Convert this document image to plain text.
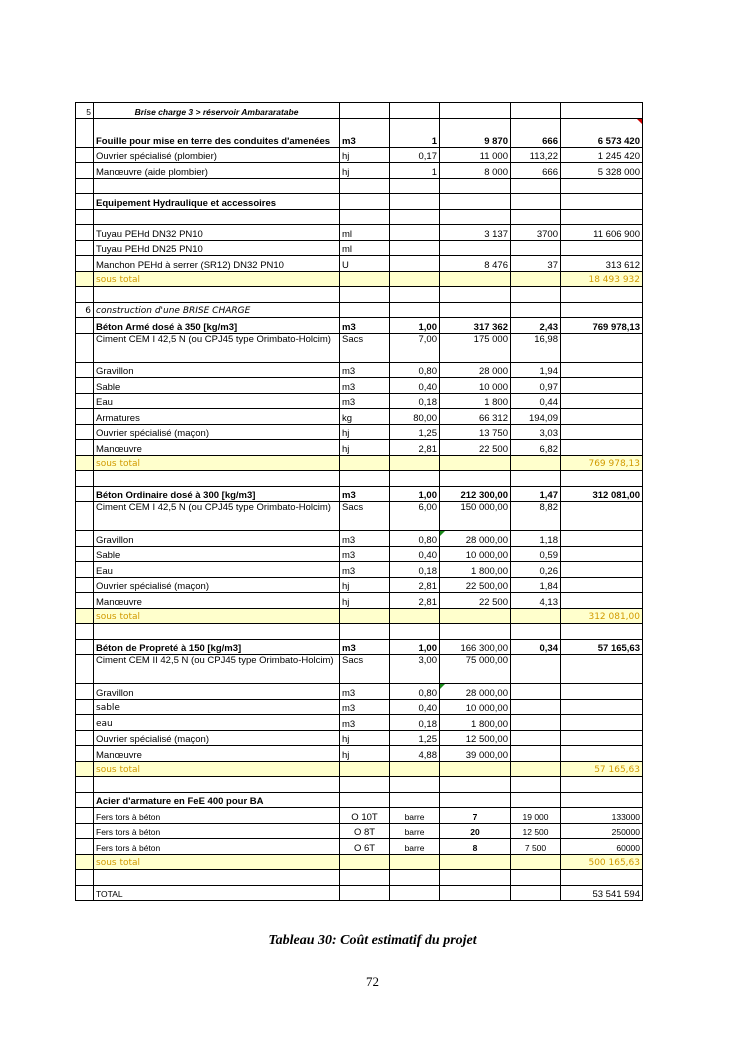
5	Brise charge 3 > réservoir Ambararatabe					
	Fouille pour mise en terre des conduites d'amenées	m3	1	9 870	666	6 573 420
	Ouvrier spécialisé (plombier)	hj	0,17	11 000	113,22	1 245 420
	Manœuvre (aide plombier)	hj	1	8 000	666	5 328 000

	Equipement Hydraulique et accessoires					

	Tuyau PEHd DN32 PN10	ml		3 137	3700	11 606 900
	Tuyau PEHd DN25 PN10	ml				
	Manchon PEHd à serrer (SR12) DN32 PN10	U		8 476	37	313 612
	sous total					18 493 932

6	construction d'une BRISE CHARGE					
	Béton Armé dosé à 350 [kg/m3]	m3	1,00	317 362	2,43	769 978,13
	Ciment CEM I 42,5 N (ou CPJ45 type Orimbato-Holcim)	Sacs	7,00	175 000	16,98	
	Gravillon	m3	0,80	28 000	1,94	
	Sable	m3	0,40	10 000	0,97	
	Eau	m3	0,18	1 800	0,44	
	Armatures	kg	80,00	66 312	194,09	
	Ouvrier spécialisé (maçon)	hj	1,25	13 750	3,03	
	Manœuvre	hj	2,81	22 500	6,82	
	sous total					769 978,13

	Béton Ordinaire dosé à 300 [kg/m3]	m3	1,00	212 300,00	1,47	312 081,00
	Ciment CEM I 42,5 N (ou CPJ45 type Orimbato-Holcim)	Sacs	6,00	150 000,00	8,82	
	Gravillon	m3	0,80	28 000,00	1,18	
	Sable	m3	0,40	10 000,00	0,59	
	Eau	m3	0,18	1 800,00	0,26	
	Ouvrier spécialisé (maçon)	hj	2,81	22 500,00	1,84	
	Manœuvre	hj	2,81	22 500	4,13	
	sous total					312 081,00

	Béton de Propreté à 150 [kg/m3]	m3	1,00	166 300,00	0,34	57 165,63
	Ciment CEM II 42,5 N (ou CPJ45 type Orimbato-Holcim)	Sacs	3,00	75 000,00		
	Gravillon	m3	0,80	28 000,00		
	sable	m3	0,40	10 000,00		
	eau	m3	0,18	1 800,00		
	Ouvrier spécialisé (maçon)	hj	1,25	12 500,00		
	Manœuvre	hj	4,88	39 000,00		
	sous total					57 165,63

	Acier d'armature en FeE 400 pour BA					
	Fers tors à béton	O 10T	barre	7	19 000	133000
	Fers tors à béton	O 8T	barre	20	12 500	250000
	Fers tors à béton	O 6T	barre	8	7 500	60000
	sous total					500 165,63

	TOTAL					53 541 594
Tableau 30: Coût estimatif du projet
72
